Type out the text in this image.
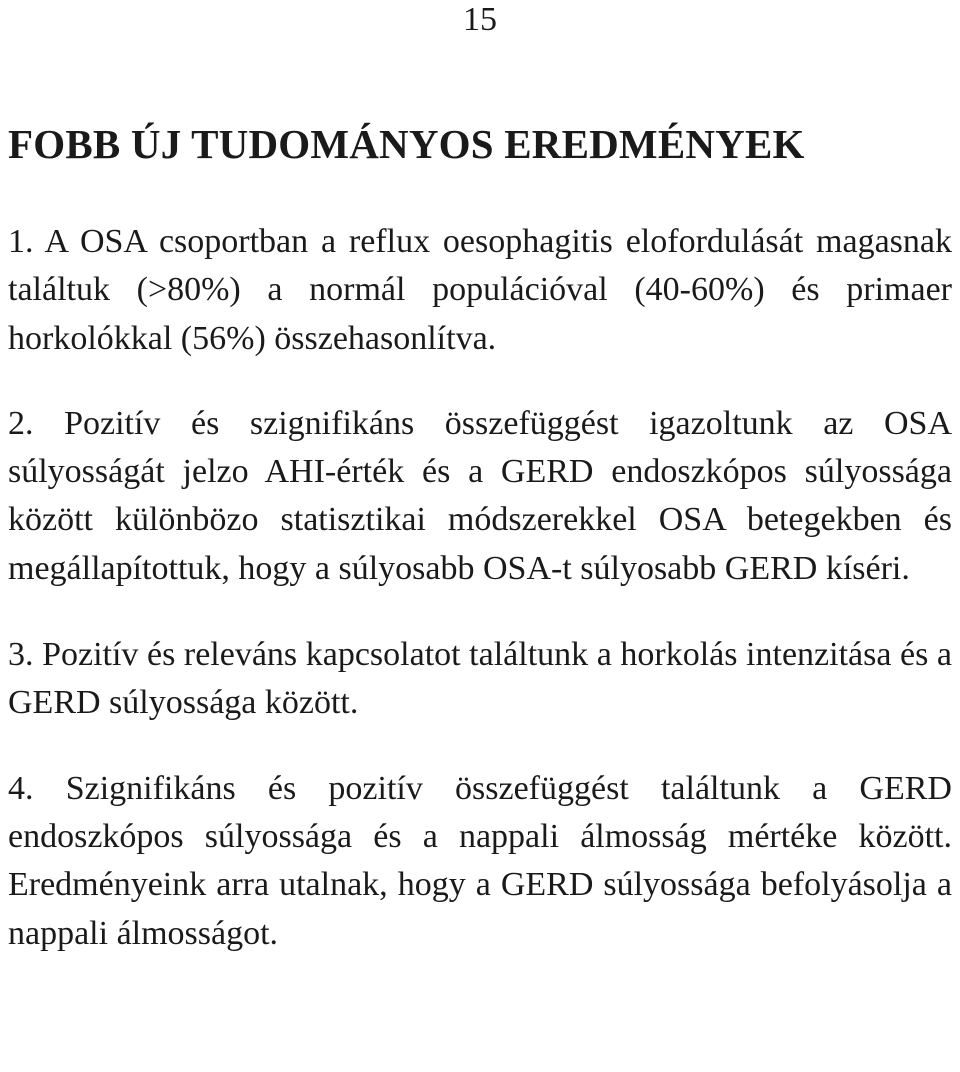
15
FOBB ÚJ TUDOMÁNYOS EREDMÉNYEK

1. A OSA csoportban a reflux oesophagitis elofordulását magasnak találtuk (>80%) a normál populációval (40-60%) és primaer horkolókkal (56%) összehasonlítva.

2. Pozitív és szignifikáns összefüggést igazoltunk az OSA súlyosságát jelzo AHI-érték és a GERD endoszkópos súlyossága között különbözo statisztikai módszerekkel OSA betegekben és megállapítottuk, hogy a súlyosabb OSA-t súlyosabb GERD kíséri.

3. Pozitív és releváns kapcsolatot találtunk a horkolás intenzitása és a GERD súlyossága között.

4. Szignifikáns és pozitív összefüggést találtunk a GERD endoszkópos súlyossága és a nappali álmosság mértéke között. Eredményeink arra utalnak, hogy a GERD súlyossága befolyásolja a nappali álmosságot.
